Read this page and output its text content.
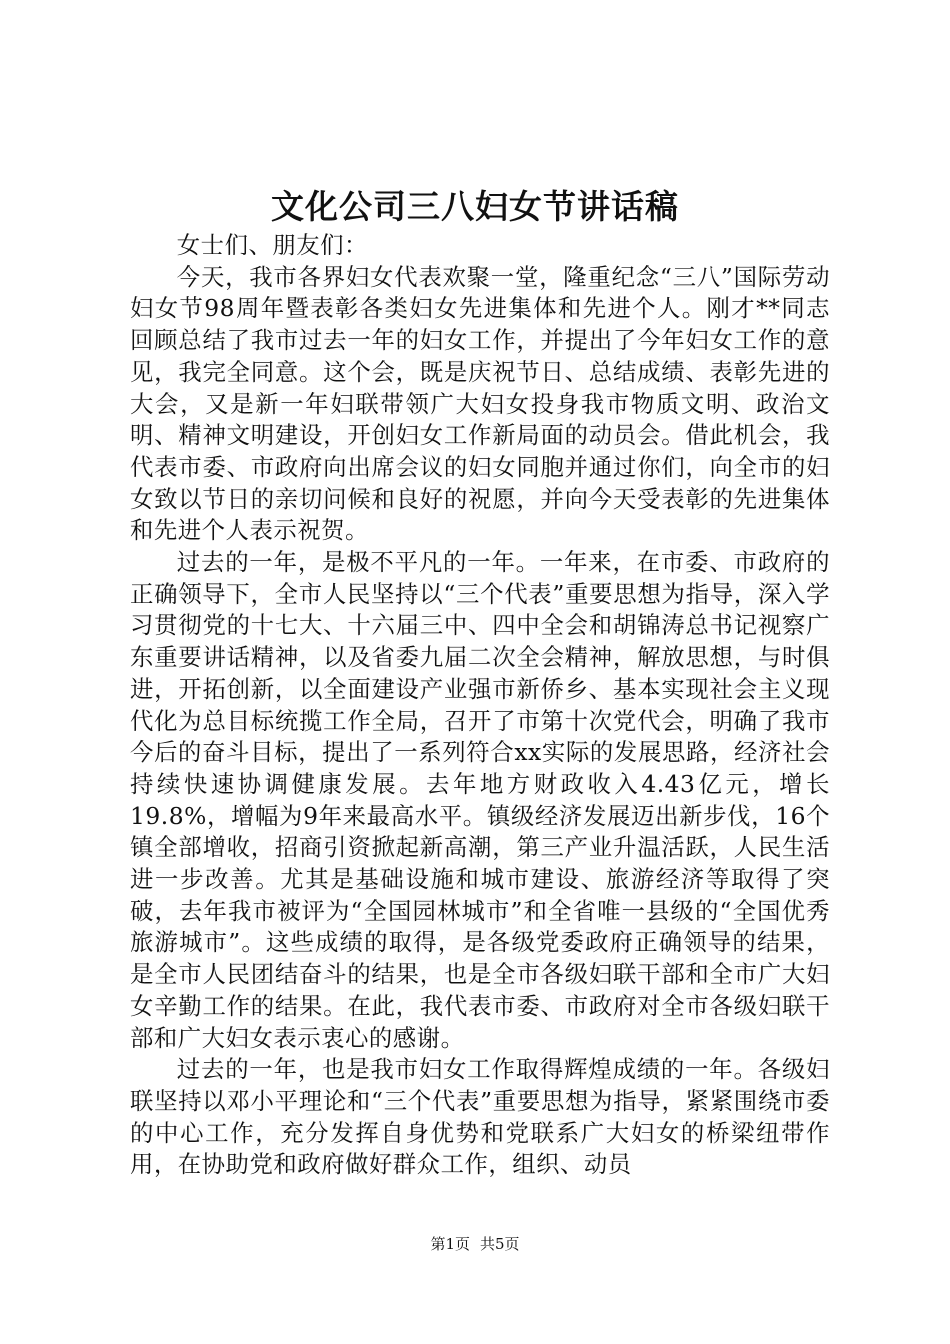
文化公司三八妇女节讲话稿

女士们、朋友们：

今天，我市各界妇女代表欢聚一堂，隆重纪念“三八”国际劳动妇女节98周年暨表彰各类妇女先进集体和先进个人。刚才**同志回顾总结了我市过去一年的妇女工作，并提出了今年妇女工作的意见，我完全同意。这个会，既是庆祝节日、总结成绩、表彰先进的大会，又是新一年妇联带领广大妇女投身我市物质文明、政治文明、精神文明建设，开创妇女工作新局面的动员会。借此机会，我代表市委、市政府向出席会议的妇女同胞并通过你们，向全市的妇女致以节日的亲切问候和良好的祝愿，并向今天受表彰的先进集体和先进个人表示祝贺。

过去的一年，是极不平凡的一年。一年来，在市委、市政府的正确领导下，全市人民坚持以“三个代表”重要思想为指导，深入学习贯彻党的十七大、十六届三中、四中全会和胡锦涛总书记视察广东重要讲话精神，以及省委九届二次全会精神，解放思想，与时俱进，开拓创新，以全面建设产业强市新侨乡、基本实现社会主义现代化为总目标统揽工作全局，召开了市第十次党代会，明确了我市今后的奋斗目标，提出了一系列符合xx实际的发展思路，经济社会持续快速协调健康发展。去年地方财政收入4.43亿元，增长19.8%，增幅为9年来最高水平。镇级经济发展迈出新步伐，16个镇全部增收，招商引资掀起新高潮，第三产业升温活跃，人民生活进一步改善。尤其是基础设施和城市建设、旅游经济等取得了突破，去年我市被评为“全国园林城市”和全省唯一县级的“全国优秀旅游城市”。这些成绩的取得，是各级党委政府正确领导的结果，是全市人民团结奋斗的结果，也是全市各级妇联干部和全市广大妇女辛勤工作的结果。在此，我代表市委、市政府对全市各级妇联干部和广大妇女表示衷心的感谢。

过去的一年，也是我市妇女工作取得辉煌成绩的一年。各级妇联坚持以邓小平理论和“三个代表”重要思想为指导，紧紧围绕市委的中心工作，充分发挥自身优势和党联系广大妇女的桥梁纽带作用，在协助党和政府做好群众工作，组织、动员

第1页 共5页
